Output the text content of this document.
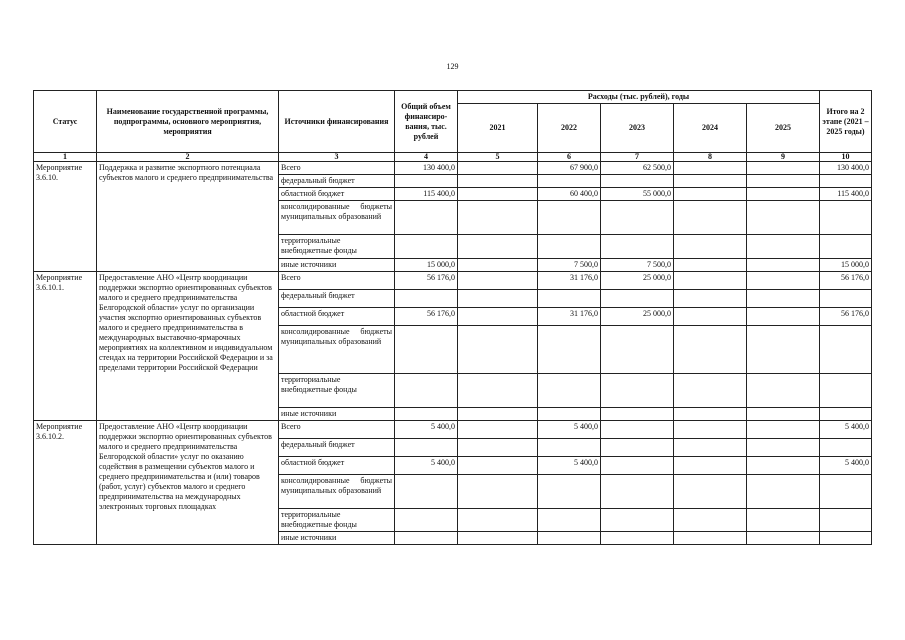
129
Статус	Наименование государственной программы, подпрограммы, основного мероприятия, мероприятия	Источники финансирования	Общий объем финансиро-вания, тыс. рублей	Расходы (тыс. рублей), годы					Итого на 2 этапе (2021 – 2025 годы)
				2021	2022	2023	2024	2025	
1	2	3	4	5	6	7	8	9	10
Мероприятие 3.6.10.	Поддержка и развитие экспортного потенциала субъектов малого и среднего предпринимательства	Всего	130 400,0		67 900,0	62 500,0			130 400,0
		федеральный бюджет							
		областной бюджет	115 400,0		60 400,0	55 000,0			115 400,0
		консолидированные бюджеты муниципальных образований							
		территориальные внебюджетные фонды							
		иные источники	15 000,0		7 500,0	7 500,0			15 000,0
Мероприятие 3.6.10.1.	Предоставление АНО «Центр координации поддержки экспортно ориентированных субъектов малого и среднего предпринимательства Белгородской области» услуг по организации участия экспортно ориентированных субъектов малого и среднего предпринимательства в международных выставочно-ярмарочных мероприятиях на коллективном и индивидуальном стендах на территории Российской Федерации и за пределами территории Российской Федерации	Всего	56 176,0		31 176,0	25 000,0			56 176,0
		федеральный бюджет							
		областной бюджет	56 176,0		31 176,0	25 000,0			56 176,0
		консолидированные бюджеты муниципальных образований							
		территориальные внебюджетные фонды							
		иные источники							
Мероприятие 3.6.10.2.	Предоставление АНО «Центр координации поддержки экспортно ориентированных субъектов малого и среднего предпринимательства Белгородской области» услуг по оказанию содействия в размещении субъектов малого и среднего предпринимательства и (или) товаров (работ, услуг) субъектов малого и среднего предпринимательства на международных электронных торговых площадках	Всего	5 400,0		5 400,0				5 400,0
		федеральный бюджет							
		областной бюджет	5 400,0		5 400,0				5 400,0
		консолидированные бюджеты муниципальных образований							
		территориальные внебюджетные фонды							
		иные источники							
